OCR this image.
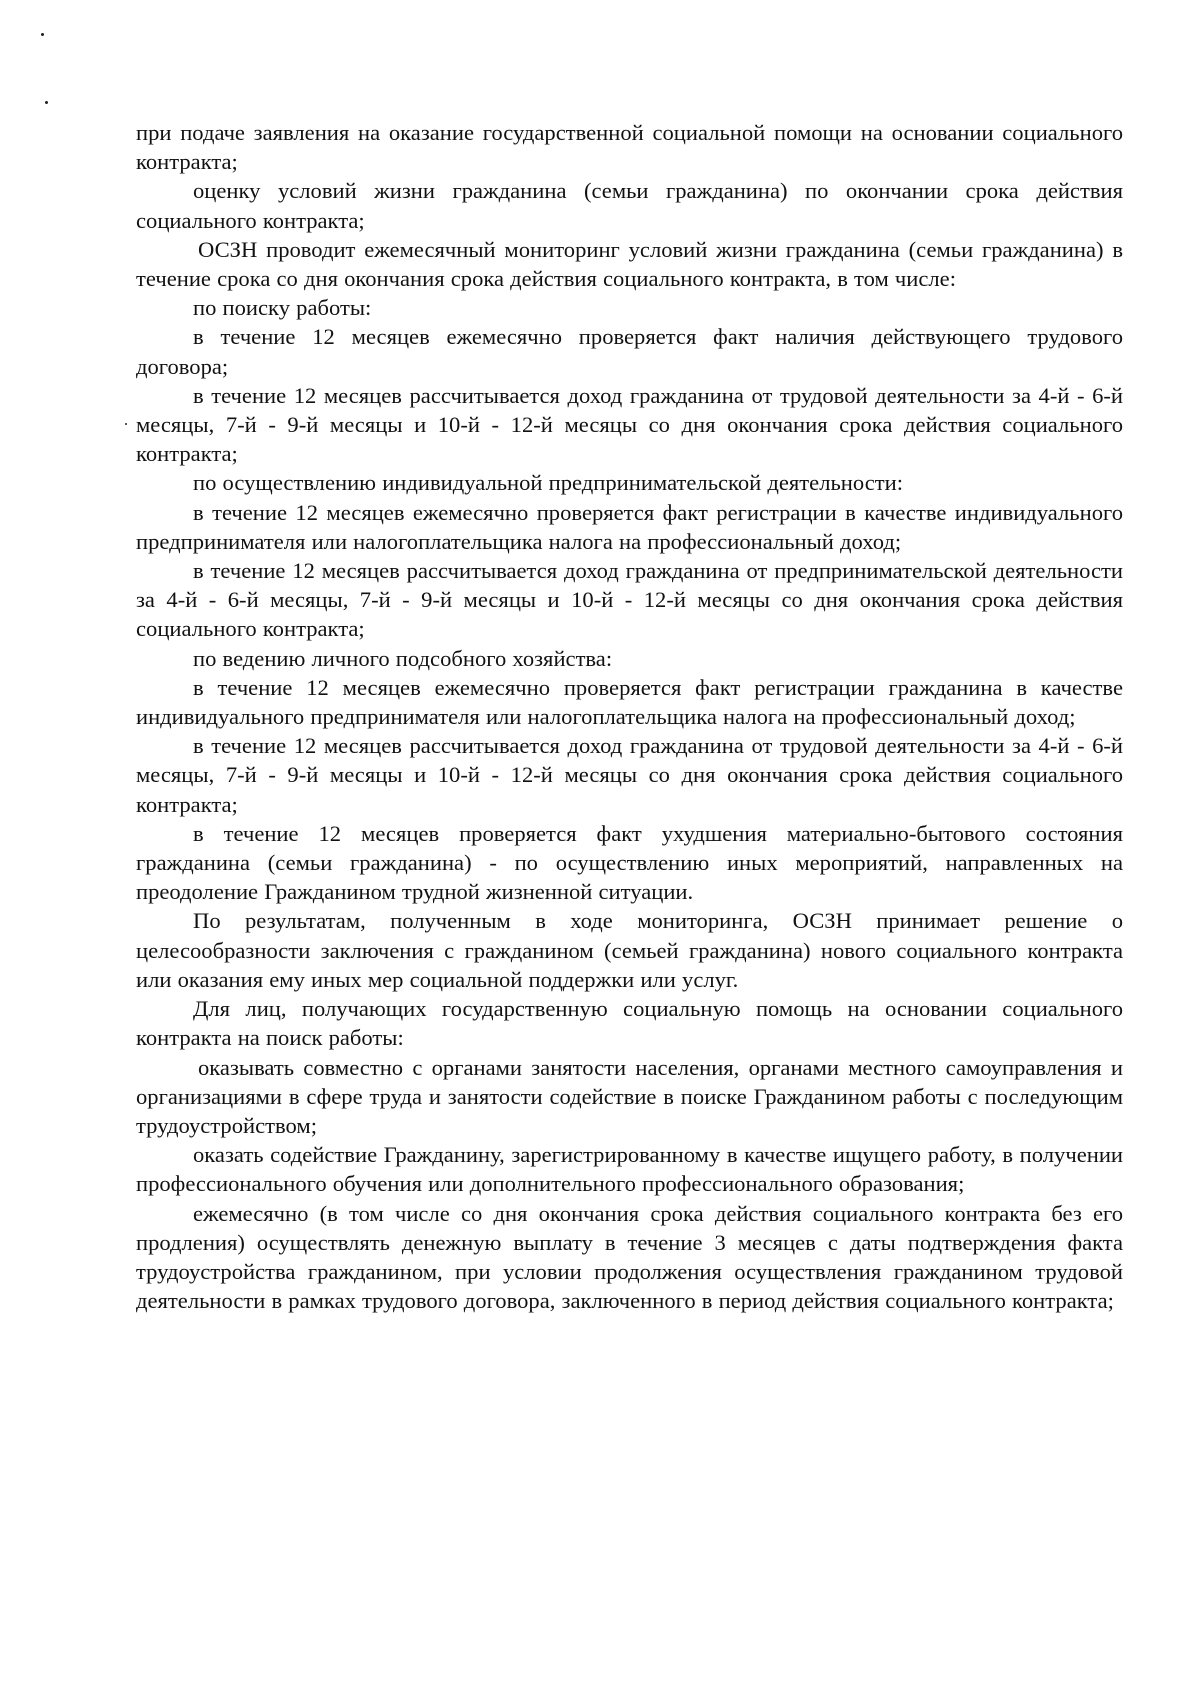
при подаче заявления на оказание государственной социальной помощи на основании социального контракта;

оценку условий жизни гражданина (семьи гражданина) по окончании срока действия социального контракта;

ОСЗН проводит ежемесячный мониторинг условий жизни гражданина (семьи гражданина) в течение срока со дня окончания срока действия социального контракта, в том числе:

по поиску работы:

в течение 12 месяцев ежемесячно проверяется факт наличия действующего трудового договора;

в течение 12 месяцев рассчитывается доход гражданина от трудовой деятельности за 4-й - 6-й месяцы, 7-й - 9-й месяцы и 10-й - 12-й месяцы со дня окончания срока действия социального контракта;

по осуществлению индивидуальной предпринимательской деятельности:

в течение 12 месяцев ежемесячно проверяется факт регистрации в качестве индивидуального предпринимателя или налогоплательщика налога на профессиональный доход;

в течение 12 месяцев рассчитывается доход гражданина от предпринимательской деятельности за 4-й - 6-й месяцы, 7-й - 9-й месяцы и 10-й - 12-й месяцы со дня окончания срока действия социального контракта;

по ведению личного подсобного хозяйства:

в течение 12 месяцев ежемесячно проверяется факт регистрации гражданина в качестве индивидуального предпринимателя или налогоплательщика налога на профессиональный доход;

в течение 12 месяцев рассчитывается доход гражданина от трудовой деятельности за 4-й - 6-й месяцы, 7-й - 9-й месяцы и 10-й - 12-й месяцы со дня окончания срока действия социального контракта;

в течение 12 месяцев проверяется факт ухудшения материально-бытового состояния гражданина (семьи гражданина) - по осуществлению иных мероприятий, направленных на преодоление Гражданином трудной жизненной ситуации.

По результатам, полученным в ходе мониторинга, ОСЗН принимает решение о целесообразности заключения с гражданином (семьей гражданина) нового социального контракта или оказания ему иных мер социальной поддержки или услуг.

Для лиц, получающих государственную социальную помощь на основании социального контракта на поиск работы:

оказывать совместно с органами занятости населения, органами местного самоуправления и организациями в сфере труда и занятости содействие в поиске Гражданином работы с последующим трудоустройством;

оказать содействие Гражданину, зарегистрированному в качестве ищущего работу, в получении профессионального обучения или дополнительного профессионального образования;

ежемесячно (в том числе со дня окончания срока действия социального контракта без его продления) осуществлять денежную выплату в течение 3 месяцев с даты подтверждения факта трудоустройства гражданином, при условии продолжения осуществления гражданином трудовой деятельности в рамках трудового договора, заключенного в период действия социального контракта;
